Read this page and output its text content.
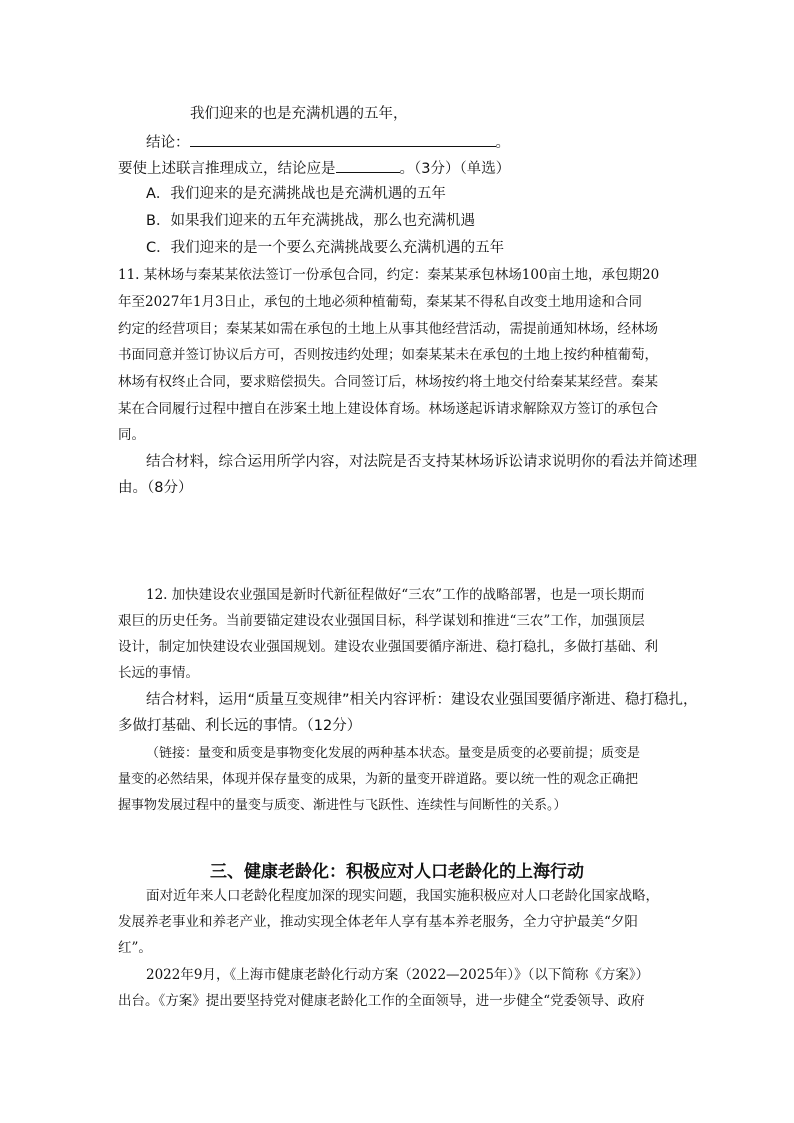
我们迎来的也是充满机遇的五年，
结论：	。
要使上述联言推理成立，结论应是	。（3分）（单选）
A．我们迎来的是充满挑战也是充满机遇的五年
B．如果我们迎来的五年充满挑战，那么也充满机遇
C．我们迎来的是一个要么充满挑战要么充满机遇的五年
11. 某林场与秦某某依法签订一份承包合同，约定：秦某某承包林场100亩土地，承包期20
年至2027年1月3日止，承包的土地必须种植葡萄，秦某某不得私自改变土地用途和合同
约定的经营项目；秦某某如需在承包的土地上从事其他经营活动，需提前通知林场，经林场
书面同意并签订协议后方可，否则按违约处理；如秦某某未在承包的土地上按约种植葡萄，
林场有权终止合同，要求赔偿损失。合同签订后，林场按约将土地交付给秦某某经营。秦某
某在合同履行过程中擅自在涉案土地上建设体育场。林场遂起诉请求解除双方签订的承包合
同。
结合材料，综合运用所学内容，对法院是否支持某林场诉讼请求说明你的看法并简述理
由。（8分）
12. 加快建设农业强国是新时代新征程做好“三农”工作的战略部署，也是一项长期而
艰巨的历史任务。当前要锚定建设农业强国目标，科学谋划和推进“三农”工作，加强顶层
设计，制定加快建设农业强国规划。建设农业强国要循序渐进、稳打稳扎，多做打基础、利
长远的事情。
结合材料，运用“质量互变规律”相关内容评析：建设农业强国要循序渐进、稳打稳扎，
多做打基础、利长远的事情。（12分）
（链接：量变和质变是事物变化发展的两种基本状态。量变是质变的必要前提；质变是
量变的必然结果，体现并保存量变的成果，为新的量变开辟道路。要以统一性的观念正确把
握事物发展过程中的量变与质变、渐进性与飞跃性、连续性与间断性的关系。）
三、健康老龄化：积极应对人口老龄化的上海行动
面对近年来人口老龄化程度加深的现实问题，我国实施积极应对人口老龄化国家战略，
发展养老事业和养老产业，推动实现全体老年人享有基本养老服务，全力守护最美“夕阳
红”。
2022年9月，《上海市健康老龄化行动方案（2022—2025年）》（以下简称《方案》）
出台。《方案》提出要坚持党对健康老龄化工作的全面领导，进一步健全“党委领导、政府
